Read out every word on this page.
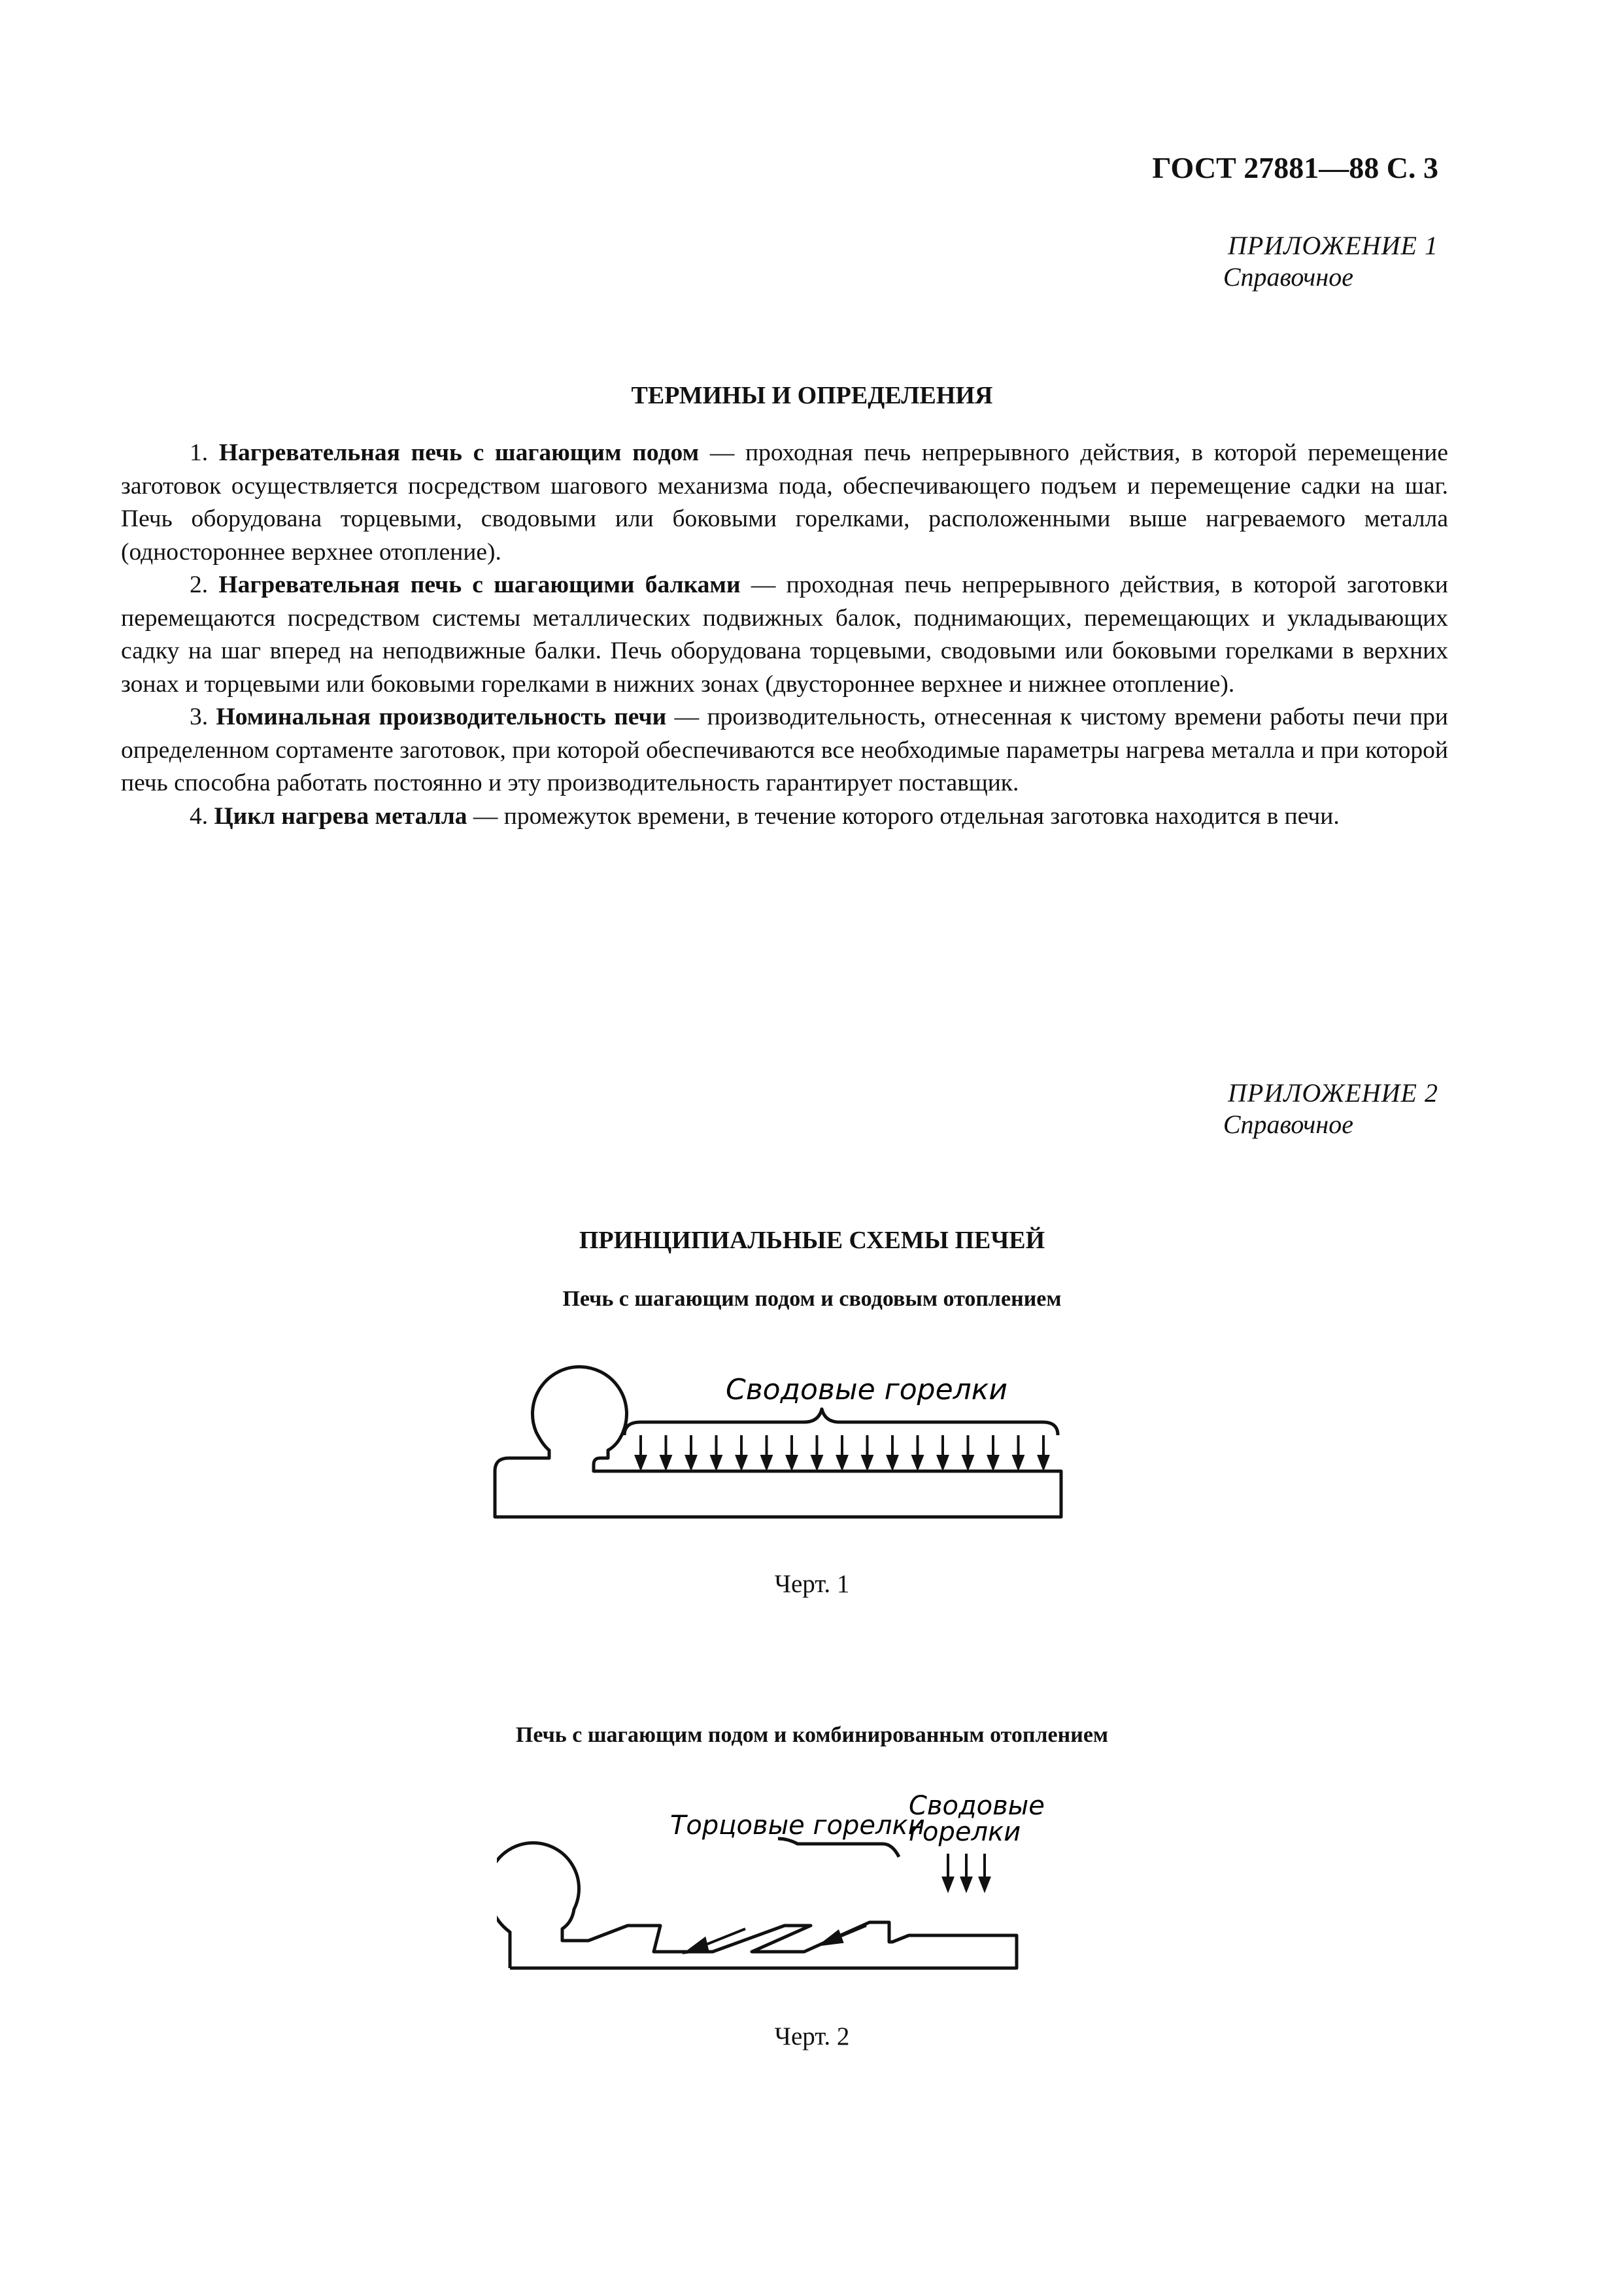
ГОСТ 27881—88 С. 3
ПРИЛОЖЕНИЕ 1
Справочное
ТЕРМИНЫ И ОПРЕДЕЛЕНИЯ

1. Нагревательная печь с шагающим подом — проходная печь непрерывного действия, в которой перемещение заготовок осуществляется посредством шагового механизма пода, обеспечивающего подъем и перемещение садки на шаг. Печь оборудована торцевыми, сводовыми или боковыми горелками, расположенными выше нагреваемого металла (одностороннее верхнее отопление).

2. Нагревательная печь с шагающими балками — проходная печь непрерывного действия, в которой заготовки перемещаются посредством системы металлических подвижных балок, поднимающих, перемещающих и укладывающих садку на шаг вперед на неподвижные балки. Печь оборудована торцевыми, сводовыми или боковыми горелками в верхних зонах и торцевыми или боковыми горелками в нижних зонах (двустороннее верхнее и нижнее отопление).

3. Номинальная производительность печи — производительность, отнесенная к чистому времени работы печи при определенном сортаменте заготовок, при которой обеспечиваются все необходимые параметры нагрева металла и при которой печь способна работать постоянно и эту производительность гарантирует поставщик.

4. Цикл нагрева металла — промежуток времени, в течение которого отдельная заготовка находится в печи.

ПРИЛОЖЕНИЕ 2
Справочное
ПРИНЦИПИАЛЬНЫЕ СХЕМЫ ПЕЧЕЙ
Печь с шагающим подом и сводовым отоплением
Сводовые горелки
Черт. 1
Печь с шагающим подом и комбинированным отоплением
Торцовые горелки
Сводовые
горелки
Черт. 2
